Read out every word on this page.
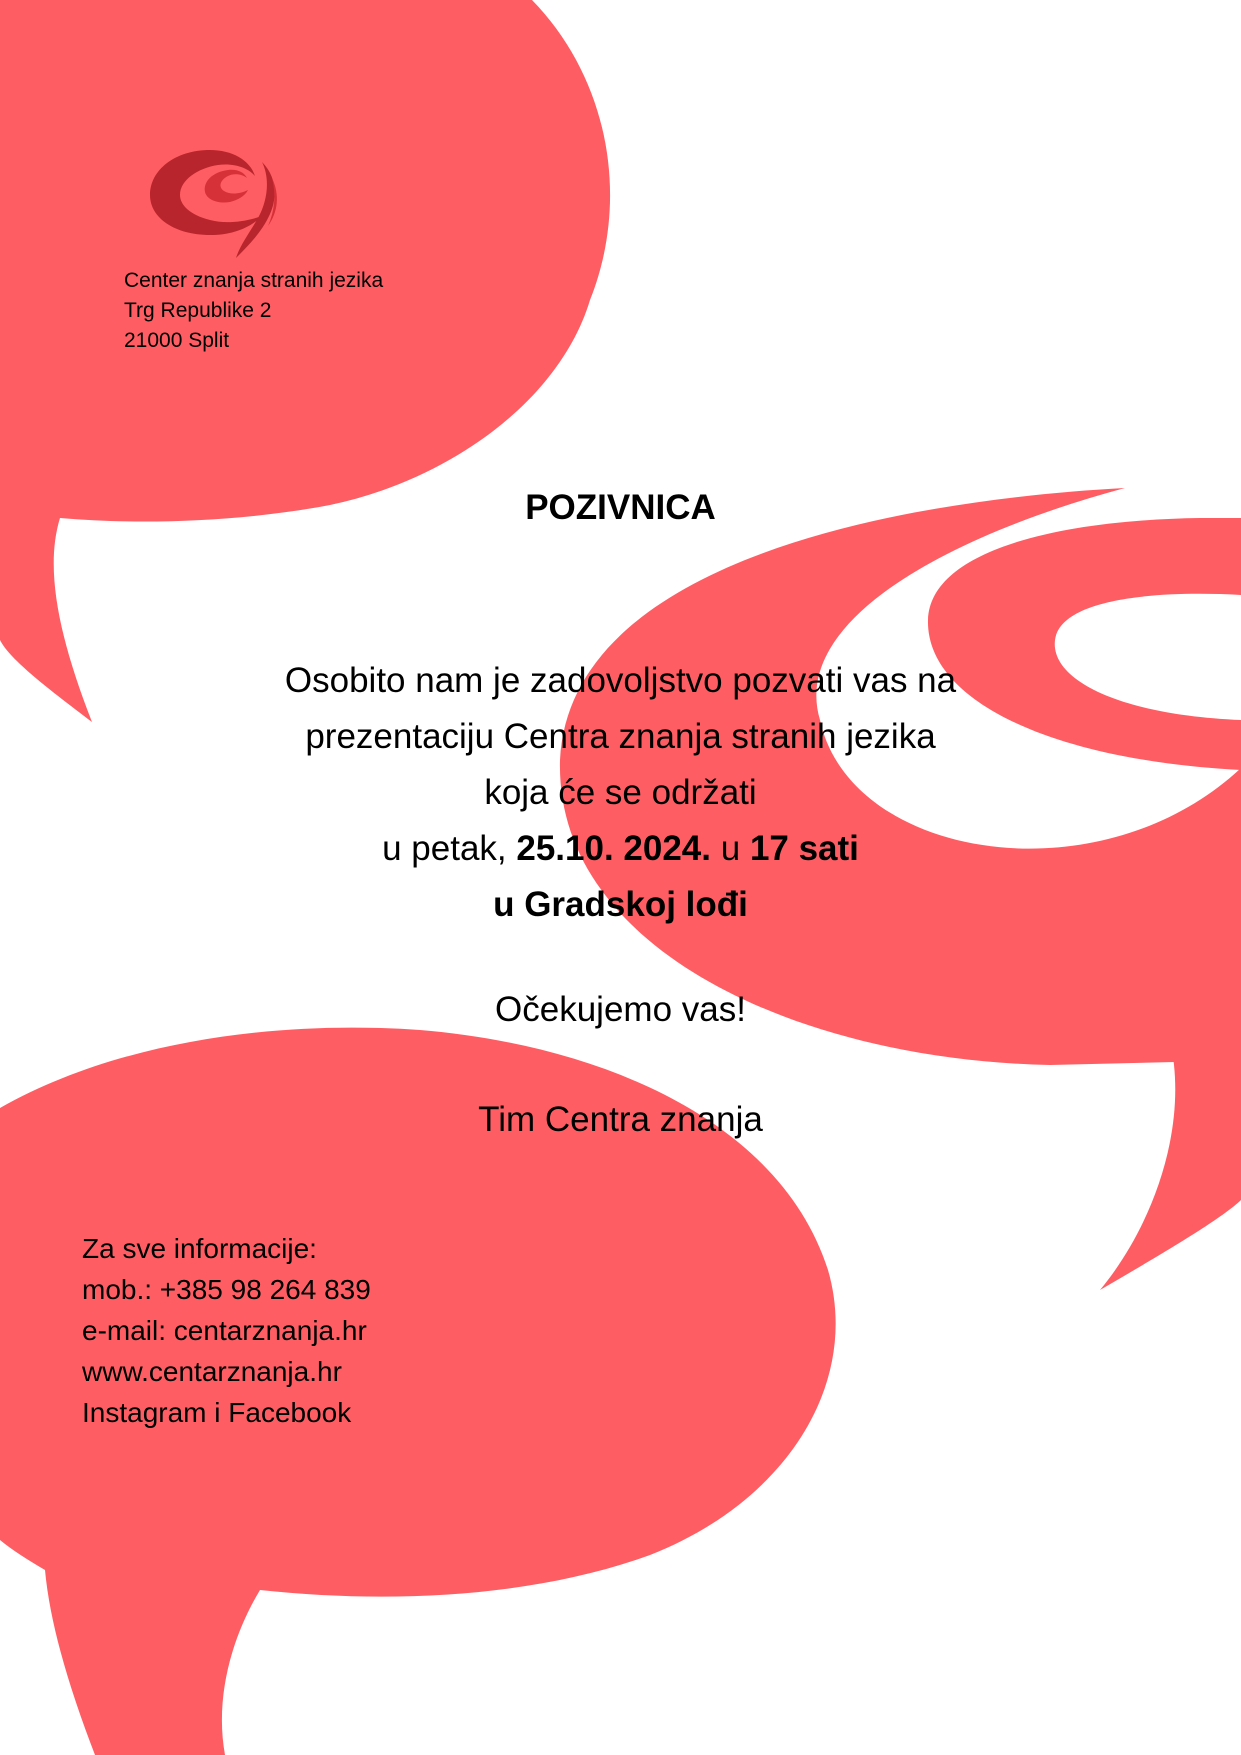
Center znanja stranih jezika
Trg Republike 2
21000 Split
POZIVNICA
Osobito nam je zadovoljstvo pozvati vas na
prezentaciju Centra znanja stranih jezika
koja će se održati
u petak, 25.10. 2024. u 17 sati
u Gradskoj lođi
Očekujemo vas!
Tim Centra znanja
Za sve informacije:
mob.: +385 98 264 839
e-mail: centarznanja.hr
www.centarznanja.hr
Instagram i Facebook
